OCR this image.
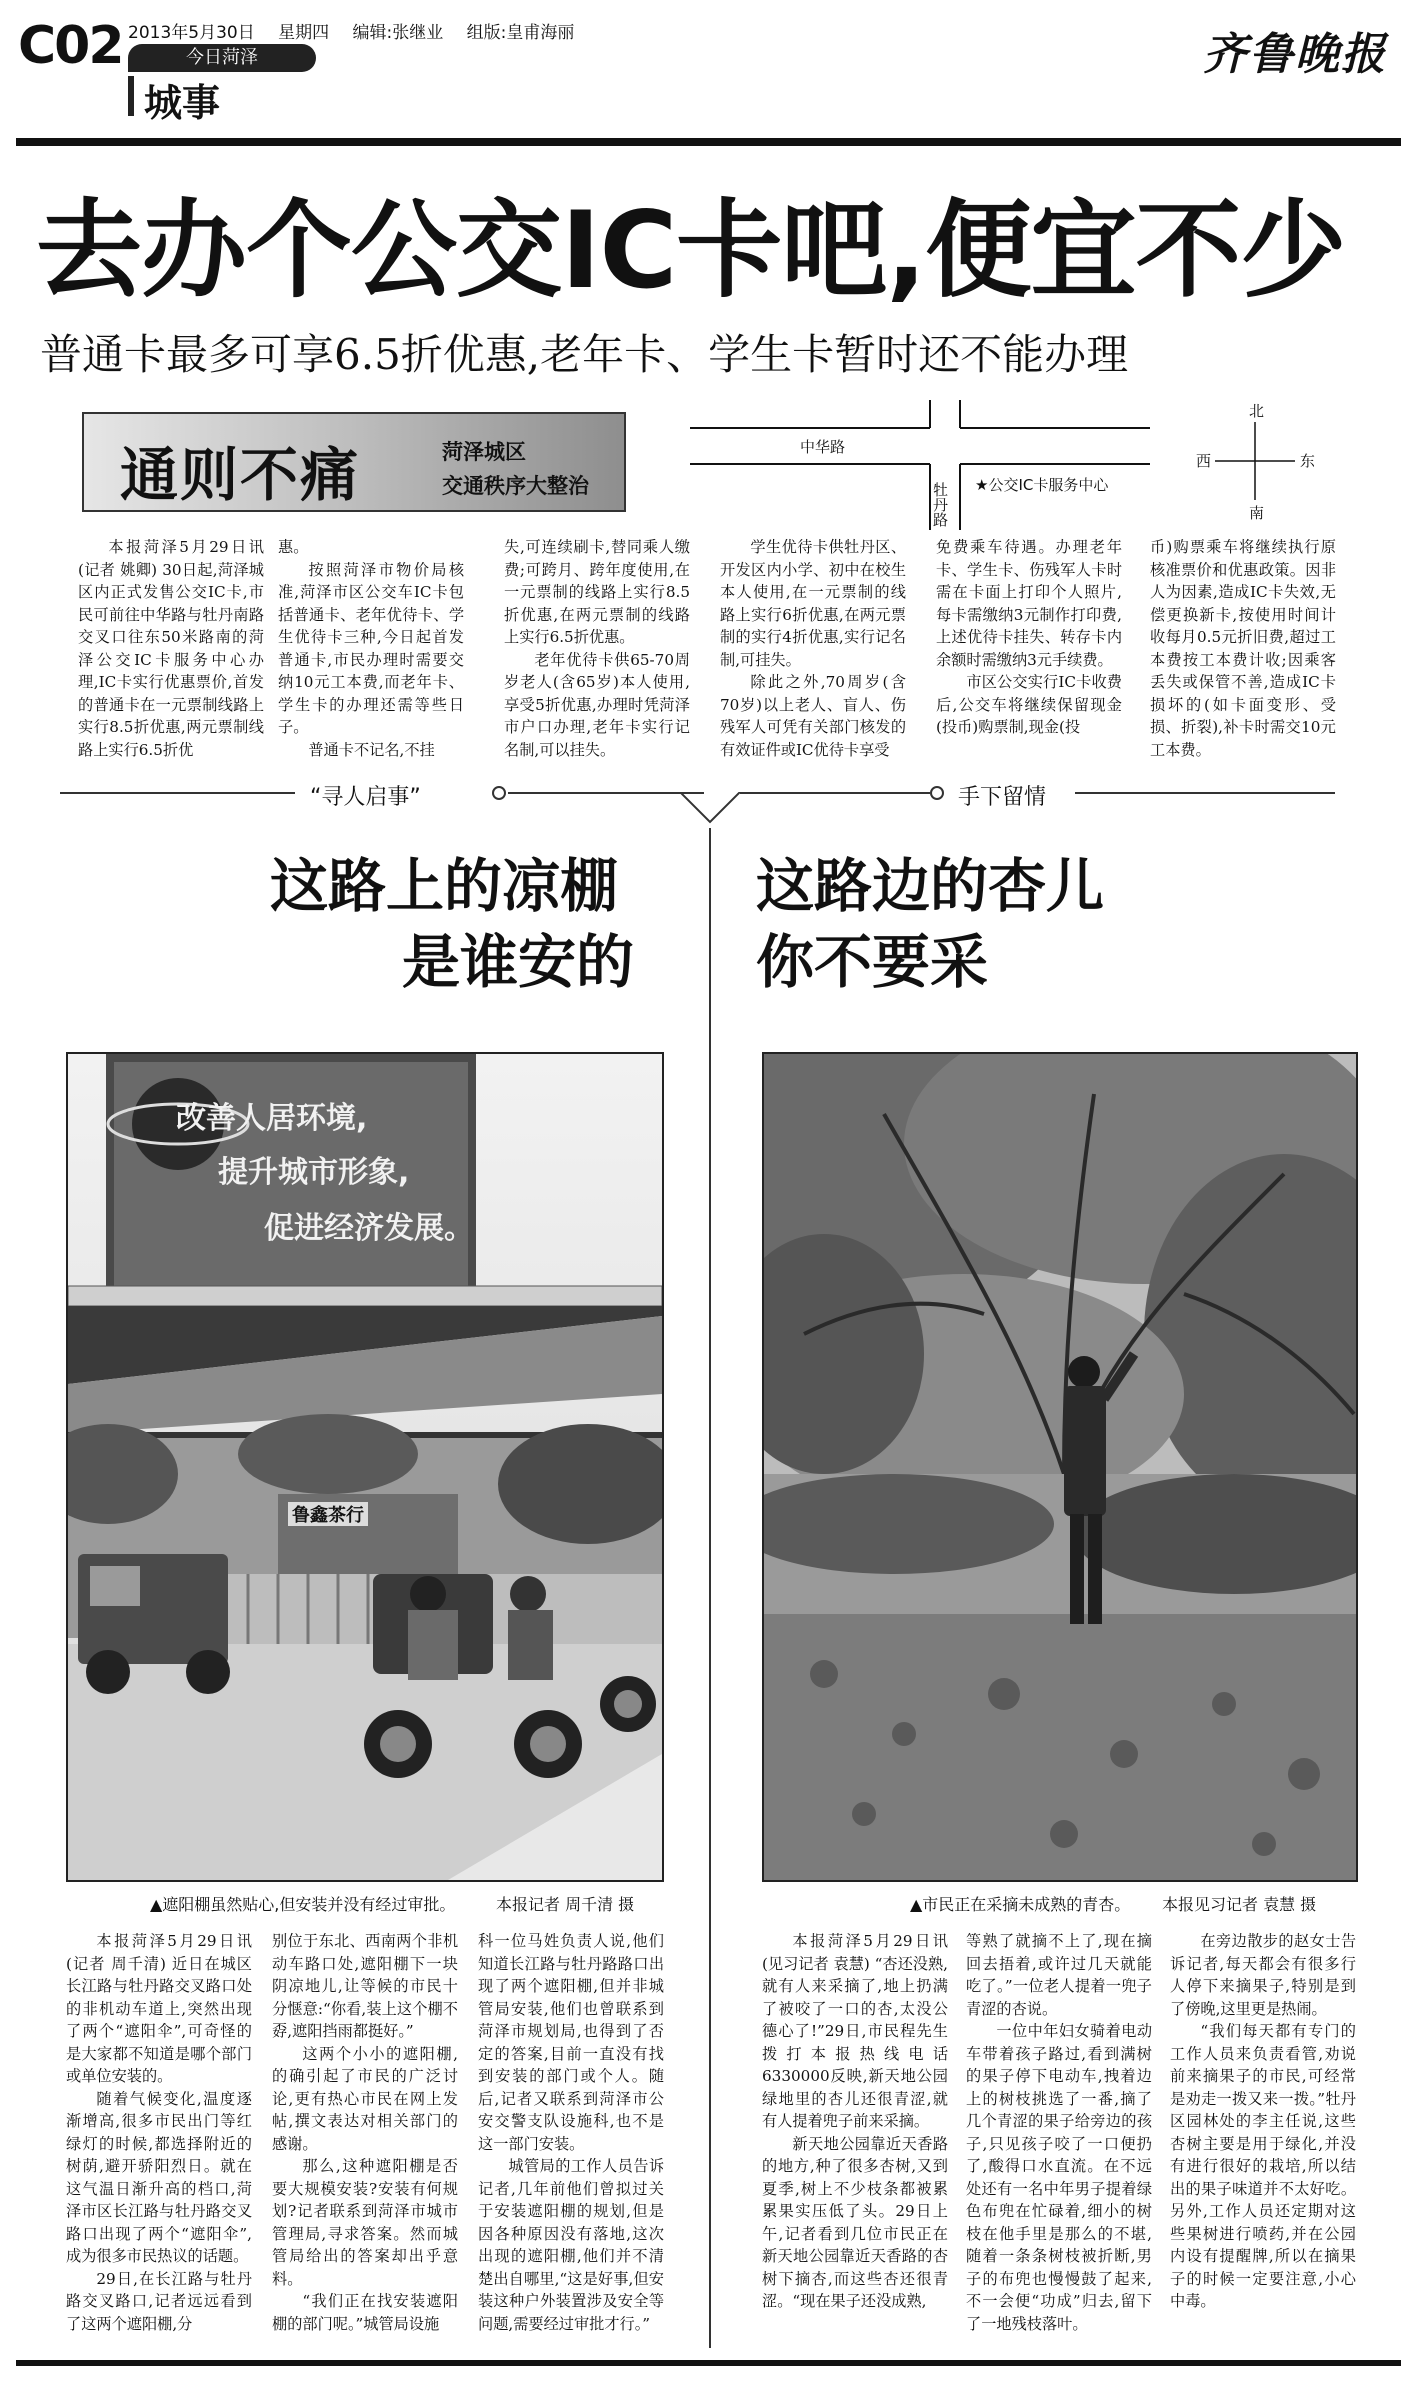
C02 2013年5月30日 星期四 编辑:张继业 组版:皇甫海丽
今日菏泽
城事
齐鲁晚报
去办个公交IC卡吧,便宜不少
普通卡最多可享6.5折优惠,老年卡、学生卡暂时还不能办理
通则不痛	菏泽城区
交通秩序大整治
中华路
牡丹路 ★公交IC卡服务中心
北
南
东
西

本报菏泽5月29日讯(记者 姚卿) 30日起,菏泽城区内正式发售公交IC卡,市民可前往中华路与牡丹南路交叉口往东50米路南的菏泽公交IC卡服务中心办理,IC卡实行优惠票价,首发的普通卡在一元票制线路上实行8.5折优惠,两元票制线路上实行6.5折优

惠。

按照菏泽市物价局核准,菏泽市区公交车IC卡包括普通卡、老年优待卡、学生优待卡三种,今日起首发普通卡,市民办理时需要交纳10元工本费,而老年卡、学生卡的办理还需等些日子。

普通卡不记名,不挂

失,可连续刷卡,替同乘人缴费;可跨月、跨年度使用,在一元票制的线路上实行8.5折优惠,在两元票制的线路上实行6.5折优惠。

老年优待卡供65-70周岁老人(含65岁)本人使用,享受5折优惠,办理时凭菏泽市户口办理,老年卡实行记名制,可以挂失。

学生优待卡供牡丹区、开发区内小学、初中在校生本人使用,在一元票制的线路上实行6折优惠,在两元票制的实行4折优惠,实行记名制,可挂失。

除此之外,70周岁(含70岁)以上老人、盲人、伤残军人可凭有关部门核发的有效证件或IC优待卡享受

免费乘车待遇。办理老年卡、学生卡、伤残军人卡时需在卡面上打印个人照片,每卡需缴纳3元制作打印费,上述优待卡挂失、转存卡内余额时需缴纳3元手续费。

市区公交实行IC卡收费后,公交车将继续保留现金(投币)购票制,现金(投

币)购票乘车将继续执行原核准票价和优惠政策。因非人为因素,造成IC卡失效,无偿更换新卡,按使用时间计收每月0.5元折旧费,超过工本费按工本费计收;因乘客丢失或保管不善,造成IC卡损坏的(如卡面变形、受损、折裂),补卡时需交10元工本费。

“寻人启事”	手下留情
这路上的凉棚
是谁安的
改善人居环境,
提升城市形象,
促进经济发展。
鲁鑫茶行
▲遮阳棚虽然贴心,但安装并没有经过审批。	本报记者 周千清 摄

本报菏泽5月29日讯(记者 周千清) 近日在城区长江路与牡丹路交叉路口处的非机动车道上,突然出现了两个“遮阳伞”,可奇怪的是大家都不知道是哪个部门或单位安装的。

随着气候变化,温度逐渐增高,很多市民出门等红绿灯的时候,都选择附近的树荫,避开骄阳烈日。就在这气温日渐升高的档口,菏泽市区长江路与牡丹路交叉路口出现了两个“遮阳伞”,成为很多市民热议的话题。

29日,在长江路与牡丹路交叉路口,记者远远看到了这两个遮阳棚,分

别位于东北、西南两个非机动车路口处,遮阳棚下一块阴凉地儿,让等候的市民十分惬意:“你看,装上这个棚不孬,遮阳挡雨都挺好。”

这两个小小的遮阳棚,的确引起了市民的广泛讨论,更有热心市民在网上发帖,撰文表达对相关部门的感谢。

那么,这种遮阳棚是否要大规模安装?安装有何规划?记者联系到菏泽市城市管理局,寻求答案。然而城管局给出的答案却出乎意料。

“我们正在找安装遮阳棚的部门呢。”城管局设施

科一位马姓负责人说,他们知道长江路与牡丹路路口出现了两个遮阳棚,但并非城管局安装,他们也曾联系到菏泽市规划局,也得到了否定的答案,目前一直没有找到安装的部门或个人。随后,记者又联系到菏泽市公安交警支队设施科,也不是这一部门安装。

城管局的工作人员告诉记者,几年前他们曾拟过关于安装遮阳棚的规划,但是因各种原因没有落地,这次出现的遮阳棚,他们并不清楚出自哪里,“这是好事,但安装这种户外装置涉及安全等问题,需要经过审批才行。”

这路边的杏儿
你不要采
▲市民正在采摘未成熟的青杏。 本报见习记者 袁慧 摄

本报菏泽5月29日讯(见习记者 袁慧) “杏还没熟,就有人来采摘了,地上扔满了被咬了一口的杏,太没公德心了!”29日,市民程先生拨打本报热线电话6330000反映,新天地公园绿地里的杏儿还很青涩,就有人提着兜子前来采摘。

新天地公园靠近天香路的地方,种了很多杏树,又到夏季,树上不少枝条都被累累果实压低了头。29日上午,记者看到几位市民正在新天地公园靠近天香路的杏树下摘杏,而这些杏还很青涩。“现在果子还没成熟,

等熟了就摘不上了,现在摘回去捂着,或许过几天就能吃了。”一位老人提着一兜子青涩的杏说。

一位中年妇女骑着电动车带着孩子路过,看到满树的果子停下电动车,拽着边上的树枝挑选了一番,摘了几个青涩的果子给旁边的孩子,只见孩子咬了一口便扔了,酸得口水直流。在不远处还有一名中年男子提着绿色布兜在忙碌着,细小的树枝在他手里是那么的不堪,随着一条条树枝被折断,男子的布兜也慢慢鼓了起来,不一会便“功成”归去,留下了一地残枝落叶。

在旁边散步的赵女士告诉记者,每天都会有很多行人停下来摘果子,特别是到了傍晚,这里更是热闹。

“我们每天都有专门的工作人员来负责看管,劝说前来摘果子的市民,可经常是劝走一拨又来一拨。”牡丹区园林处的李主任说,这些杏树主要是用于绿化,并没有进行很好的栽培,所以结出的果子味道并不太好吃。另外,工作人员还定期对这些果树进行喷药,并在公园内设有提醒牌,所以在摘果子的时候一定要注意,小心中毒。
